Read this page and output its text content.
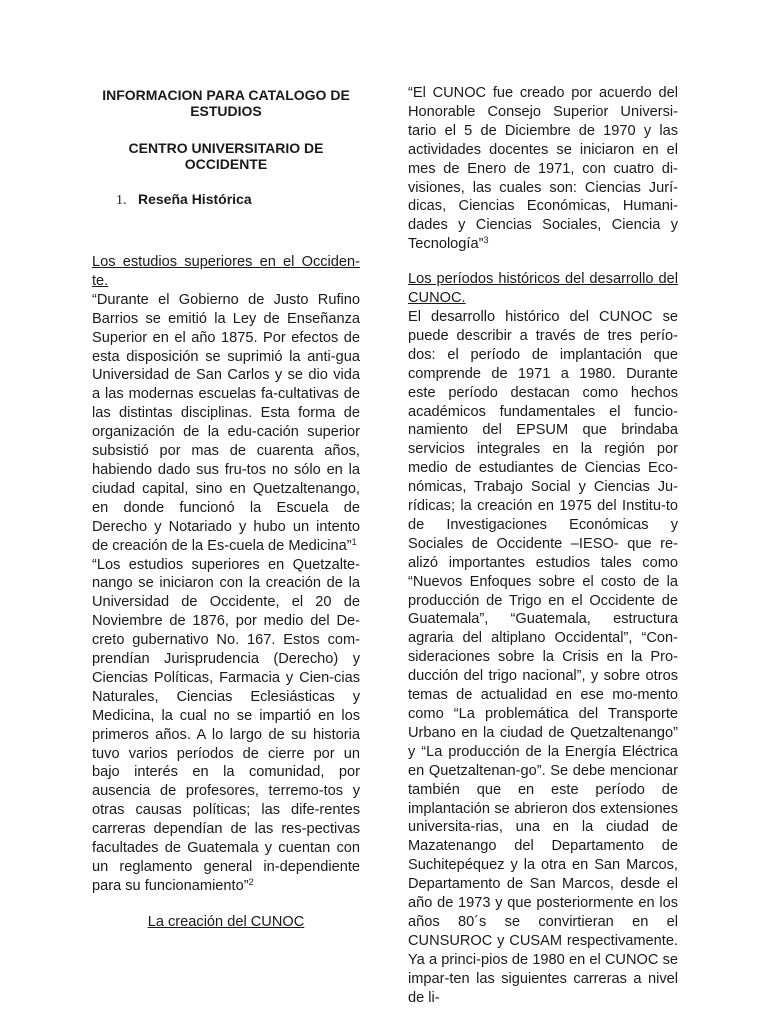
INFORMACION PARA CATALOGO DE ESTUDIOS
CENTRO UNIVERSITARIO DE OCCIDENTE
1. Reseña Histórica

Los estudios superiores en el Occiden-te.

“Durante el Gobierno de Justo Rufino Barrios se emitió la Ley de Enseñanza Superior en el año 1875. Por efectos de esta disposición se suprimió la anti-gua Universidad de San Carlos y se dio vida a las modernas escuelas fa-cultativas de las distintas disciplinas. Esta forma de organización de la edu-cación superior subsistió por mas de cuarenta años, habiendo dado sus fru-tos no sólo en la ciudad capital, sino en Quetzaltenango, en donde funcionó la Escuela de Derecho y Notariado y hubo un intento de creación de la Es-cuela de Medicina”$^1$

“Los estudios superiores en Quetzalte-nango se iniciaron con la creación de la Universidad de Occidente, el 20 de Noviembre de 1876, por medio del De-creto gubernativo No. 167. Estos com-prendían Jurisprudencia (Derecho) y Ciencias Políticas, Farmacia y Cien-cias Naturales, Ciencias Eclesiásticas y Medicina, la cual no se impartió en los primeros años. A lo largo de su historia tuvo varios períodos de cierre por un bajo interés en la comunidad, por ausencia de profesores, terremo-tos y otras causas políticas; las dife-rentes carreras dependían de las res-pectivas facultades de Guatemala y cuentan con un reglamento general in-dependiente para su funcionamiento”$^2$

La creación del CUNOC

“El CUNOC fue creado por acuerdo del Honorable Consejo Superior Universi-tario el 5 de Diciembre de 1970 y las actividades docentes se iniciaron en el mes de Enero de 1971, con cuatro di-visiones, las cuales son: Ciencias Jurí-dicas, Ciencias Económicas, Humani-dades y Ciencias Sociales, Ciencia y Tecnología”$^3$

Los períodos históricos del desarrollo del CUNOC.

El desarrollo histórico del CUNOC se puede describir a través de tres perío-dos: el período de implantación que comprende de 1971 a 1980. Durante este período destacan como hechos académicos fundamentales el funcio-namiento del EPSUM que brindaba servicios integrales en la región por medio de estudiantes de Ciencias Eco-nómicas, Trabajo Social y Ciencias Ju-rídicas; la creación en 1975 del Institu-to de Investigaciones Económicas y Sociales de Occidente –IESO- que re-alizó importantes estudios tales como “Nuevos Enfoques sobre el costo de la producción de Trigo en el Occidente de Guatemala”, “Guatemala, estructura agraria del altiplano Occidental”, “Con-sideraciones sobre la Crisis en la Pro-ducción del trigo nacional”, y sobre otros temas de actualidad en ese mo-mento como “La problemática del Transporte Urbano en la ciudad de Quetzaltenango” y “La producción de la Energía Eléctrica en Quetzaltenan-go”. Se debe mencionar también que en este período de implantación se abrieron dos extensiones universita-rias, una en la ciudad de Mazatenango del Departamento de Suchitepéquez y la otra en San Marcos, Departamento de San Marcos, desde el año de 1973 y que posteriormente en los años 80´s se convirtieran en el CUNSUROC y CUSAM respectivamente. Ya a princi-pios de 1980 en el CUNOC se impar-ten las siguientes carreras a nivel de li-
